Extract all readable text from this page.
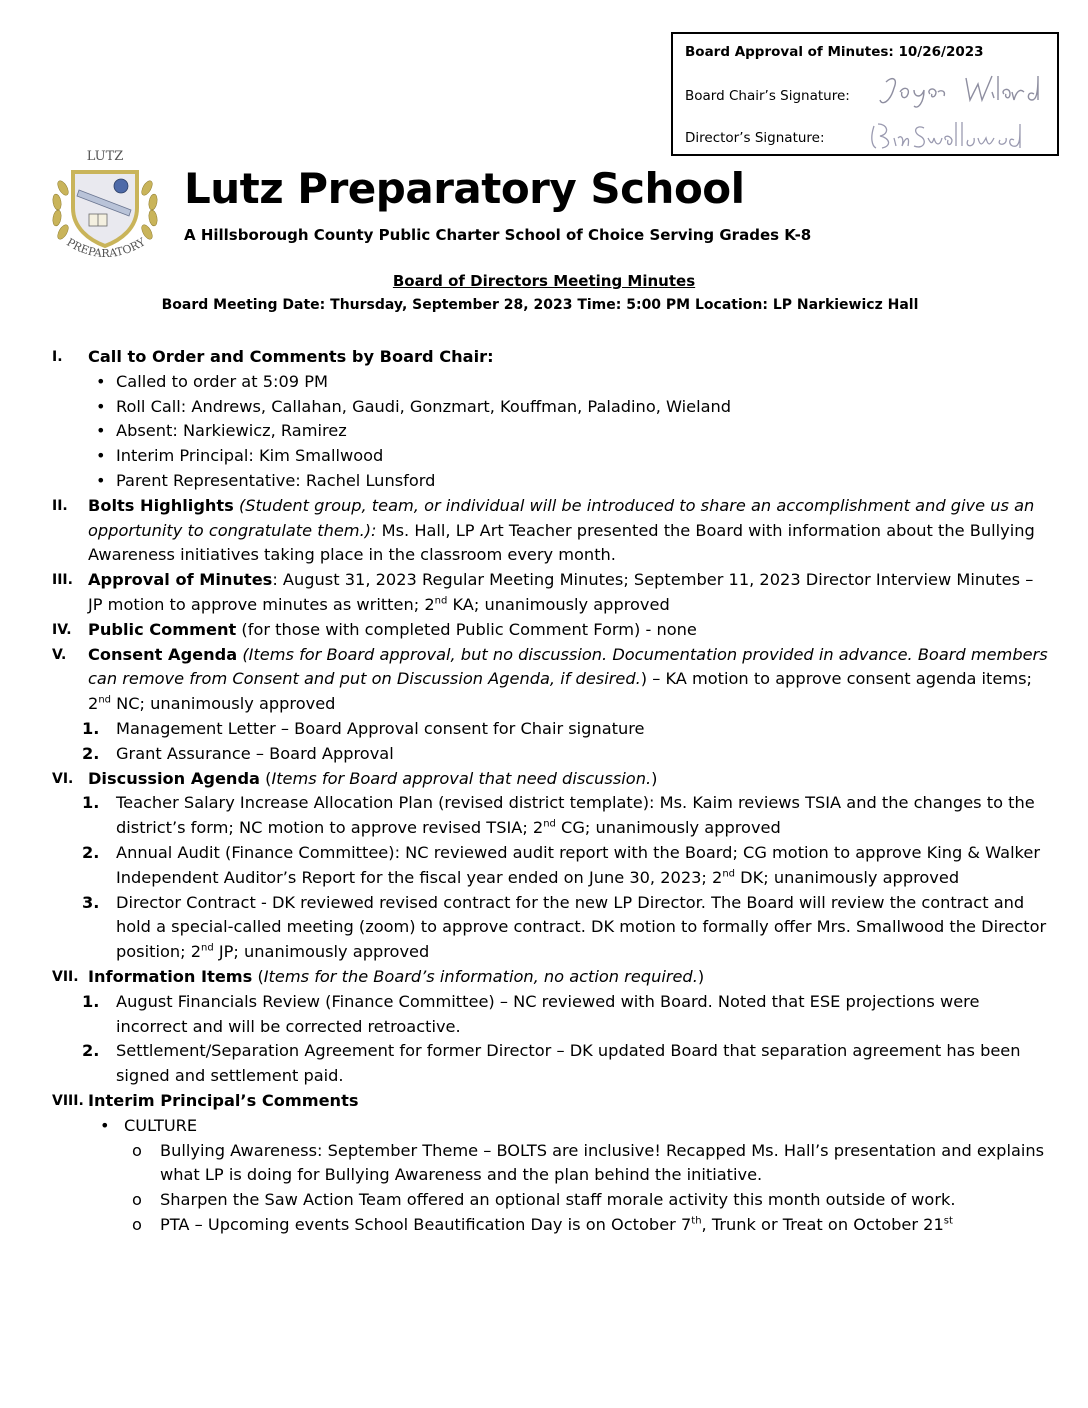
Board Approval of Minutes: 10/26/2023
Board Chair’s Signature:
Director’s Signature:
LUTZ
PREPARATORY
Lutz Preparatory School
A Hillsborough County Public Charter School of Choice Serving Grades K-8
Board of Directors Meeting Minutes
Board Meeting Date: Thursday, September 28, 2023 Time: 5:00 PM Location: LP Narkiewicz Hall
I. Call to Order and Comments by Board Chair:
• Called to order at 5:09 PM
• Roll Call: Andrews, Callahan, Gaudi, Gonzmart, Kouffman, Paladino, Wieland
• Absent: Narkiewicz, Ramirez
• Interim Principal: Kim Smallwood
• Parent Representative: Rachel Lunsford
II. Bolts Highlights (Student group, team, or individual will be introduced to share an accomplishment and give us an opportunity to congratulate them.): Ms. Hall, LP Art Teacher presented the Board with information about the Bullying Awareness initiatives taking place in the classroom every month.
III. Approval of Minutes: August 31, 2023 Regular Meeting Minutes; September 11, 2023 Director Interview Minutes – JP motion to approve minutes as written; 2nd KA; unanimously approved
IV. Public Comment (for those with completed Public Comment Form) - none
V. Consent Agenda (Items for Board approval, but no discussion. Documentation provided in advance. Board members can remove from Consent and put on Discussion Agenda, if desired.) – KA motion to approve consent agenda items; 2nd NC; unanimously approved
1. Management Letter – Board Approval consent for Chair signature
2. Grant Assurance – Board Approval
VI. Discussion Agenda (Items for Board approval that need discussion.)
1. Teacher Salary Increase Allocation Plan (revised district template): Ms. Kaim reviews TSIA and the changes to the district’s form; NC motion to approve revised TSIA; 2nd CG; unanimously approved
2. Annual Audit (Finance Committee): NC reviewed audit report with the Board; CG motion to approve King & Walker Independent Auditor’s Report for the fiscal year ended on June 30, 2023; 2nd DK; unanimously approved
3. Director Contract - DK reviewed revised contract for the new LP Director. The Board will review the contract and hold a special-called meeting (zoom) to approve contract. DK motion to formally offer Mrs. Smallwood the Director position; 2nd JP; unanimously approved
VII. Information Items (Items for the Board’s information, no action required.)
1. August Financials Review (Finance Committee) – NC reviewed with Board. Noted that ESE projections were incorrect and will be corrected retroactive.
2. Settlement/Separation Agreement for former Director – DK updated Board that separation agreement has been signed and settlement paid.
VIII. Interim Principal’s Comments
• CULTURE
o Bullying Awareness: September Theme – BOLTS are inclusive! Recapped Ms. Hall’s presentation and explains what LP is doing for Bullying Awareness and the plan behind the initiative.
o Sharpen the Saw Action Team offered an optional staff morale activity this month outside of work.
o PTA – Upcoming events School Beautification Day is on October 7th, Trunk or Treat on October 21st
